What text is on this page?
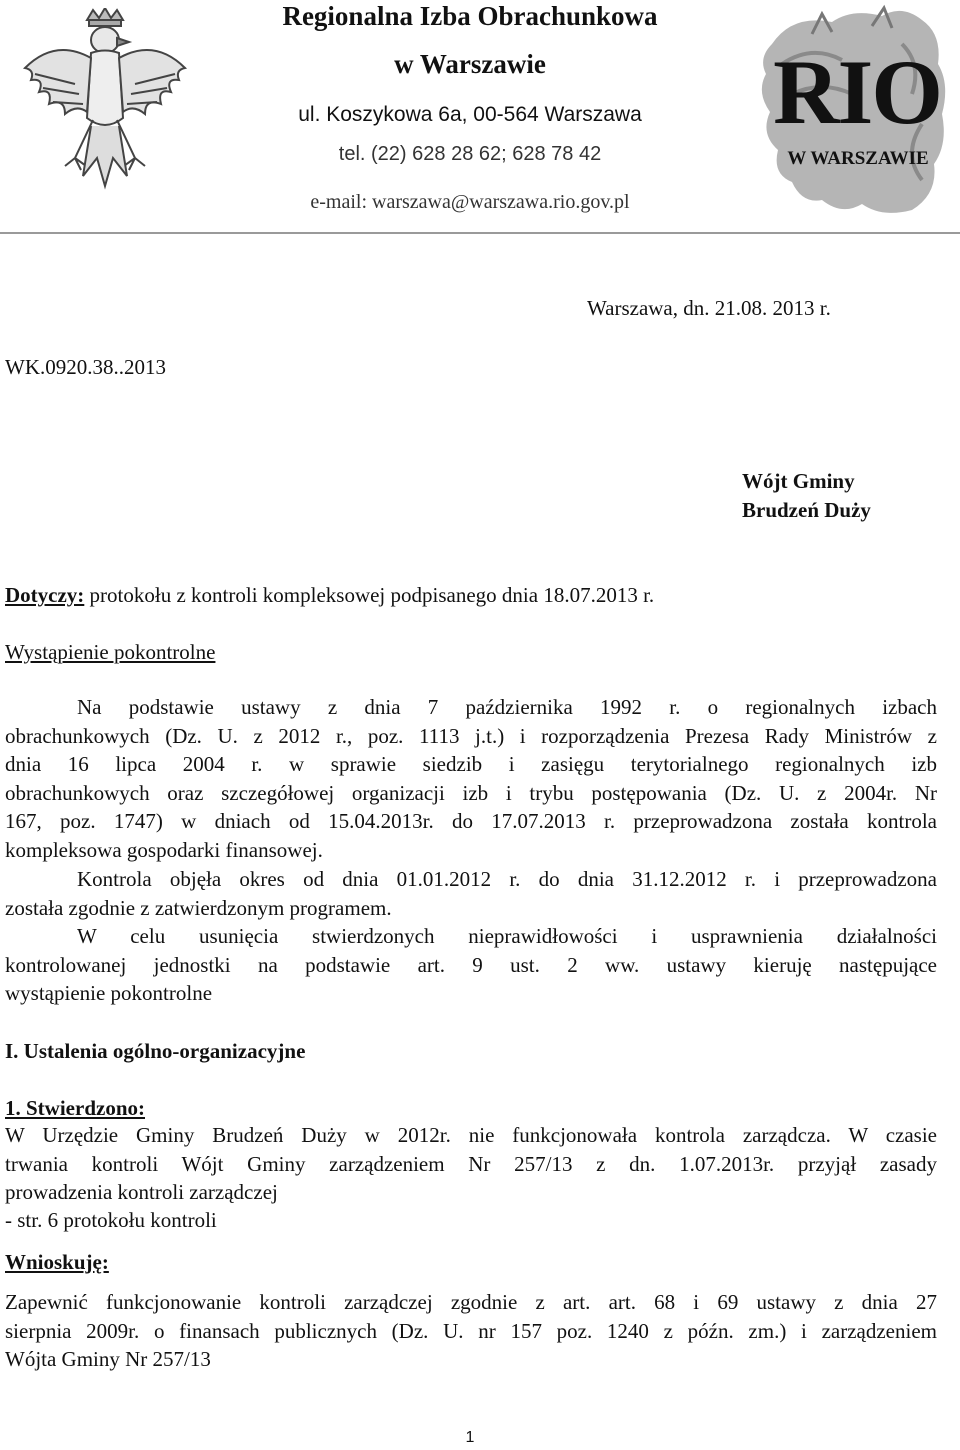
Regionalna Izba Obrachunkowa
w Warszawie
ul. Koszykowa 6a, 00-564 Warszawa
tel. (22) 628 28 62; 628 78 42
e-mail: warszawa@warszawa.rio.gov.pl
RIO
W WARSZAWIE
Warszawa, dn. 21.08. 2013 r.
WK.0920.38..2013
Wójt Gminy
Brudzeń Duży
Dotyczy: protokołu z kontroli kompleksowej podpisanego dnia 18.07.2013 r.
Wystąpienie pokontrolne
Na podstawie ustawy z dnia 7 października 1992 r. o regionalnych izbach
obrachunkowych (Dz. U. z 2012 r., poz. 1113 j.t.) i rozporządzenia Prezesa Rady Ministrów z
dnia 16 lipca 2004 r. w sprawie siedzib i zasięgu terytorialnego regionalnych izb
obrachunkowych oraz szczegółowej organizacji izb i trybu postępowania (Dz. U. z 2004r. Nr
167, poz. 1747) w dniach od 15.04.2013r. do 17.07.2013 r. przeprowadzona została kontrola
kompleksowa gospodarki finansowej.
Kontrola objęła okres od dnia 01.01.2012 r. do dnia 31.12.2012 r. i przeprowadzona
została zgodnie z zatwierdzonym programem.
W celu usunięcia stwierdzonych nieprawidłowości i usprawnienia działalności
kontrolowanej jednostki na podstawie art. 9 ust. 2 ww. ustawy kieruję następujące
wystąpienie pokontrolne
I. Ustalenia ogólno-organizacyjne
1. Stwierdzono:
W Urzędzie Gminy Brudzeń Duży w 2012r. nie funkcjonowała kontrola zarządcza. W czasie
trwania kontroli Wójt Gminy zarządzeniem Nr 257/13 z dn. 1.07.2013r. przyjął zasady
prowadzenia kontroli zarządczej
- str. 6 protokołu kontroli
Wnioskuję:
Zapewnić funkcjonowanie kontroli zarządczej zgodnie z art. art. 68 i 69 ustawy z dnia 27
sierpnia 2009r. o finansach publicznych (Dz. U. nr 157 poz. 1240 z późn. zm.) i zarządzeniem
Wójta Gminy Nr 257/13
1
